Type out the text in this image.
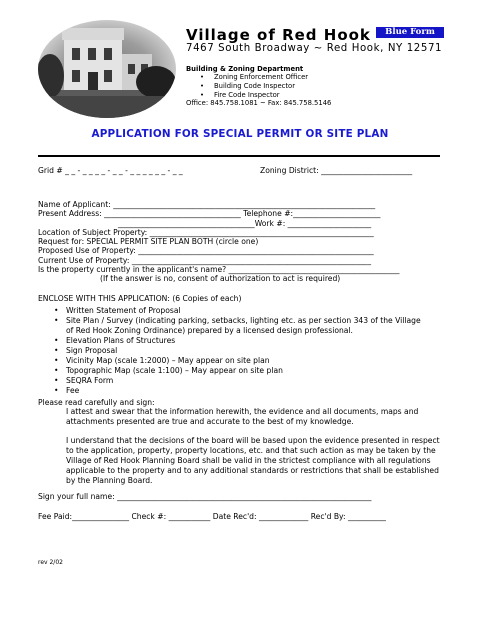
Village of Red Hook	Blue Form
7467 South Broadway ~ Red Hook, NY 12571
Building & Zoning Department
• Zoning Enforcement Officer
• Building Code Inspector
• Fire Code Inspector
Office: 845.758.1081 ~ Fax: 845.758.5146
APPLICATION FOR SPECIAL PERMIT OR SITE PLAN
Grid # _ _ - _ _ _ _ - _ _ - _ _ _ _ _ _ - _ _	Zoning District: ________________________
Name of Applicant: _____________________________________________________________________
Present Address: ____________________________________ Telephone #:_______________________
____________________________________Work #: ______________________
Location of Subject Property: ___________________________________________________________
Request for: SPECIAL PERMIT SITE PLAN BOTH (circle one)
Proposed Use of Property: ______________________________________________________________
Current Use of Property: _______________________________________________________________
Is the property currently in the applicant's name? _____________________________________________
(If the answer is no, consent of authorization to act is required)
ENCLOSE WITH THIS APPLICATION: (6 Copies of each)
• Written Statement of Proposal
• Site Plan / Survey (indicating parking, setbacks, lighting etc. as per section 343 of the Village
of Red Hook Zoning Ordinance) prepared by a licensed design professional.
• Elevation Plans of Structures
• Sign Proposal
• Vicinity Map (scale 1:2000) – May appear on site plan
• Topographic Map (scale 1:100) – May appear on site plan
• SEQRA Form
• Fee
Please read carefully and sign:
I attest and swear that the information herewith, the evidence and all documents, maps and attachments presented are true and accurate to the best of my knowledge.
I understand that the decisions of the board will be based upon the evidence presented in respect to the application, property, property locations, etc. and that such action as may be taken by the Village of Red Hook Planning Board shall be valid in the strictest compliance with all regulations applicable to the property and to any additional standards or restrictions that shall be established by the Planning Board.
Sign your full name: ___________________________________________________________________
Fee Paid:_______________ Check #: ___________ Date Rec'd: _____________ Rec'd By: __________
rev 2/02
